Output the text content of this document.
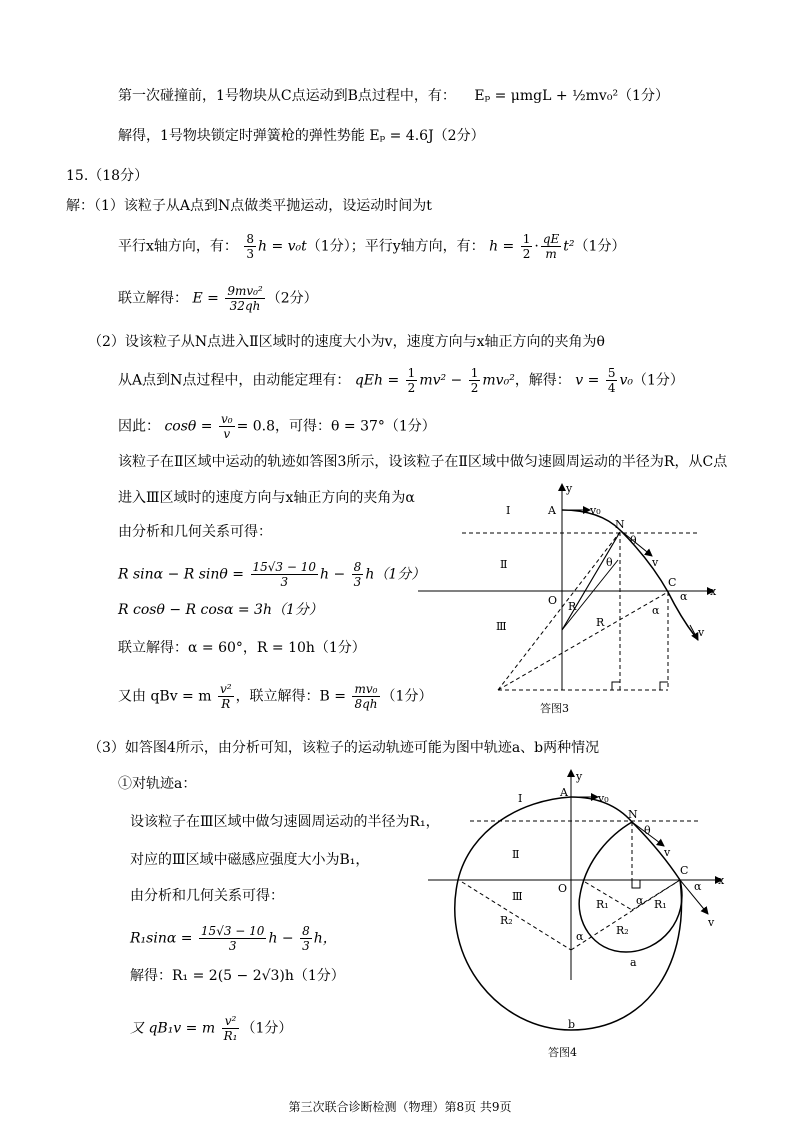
第一次碰撞前，1号物块从C点运动到B点过程中，有： Eₚ = μmgL + ½mv₀²（1分）
解得，1号物块锁定时弹簧枪的弹性势能 Eₚ = 4.6J（2分）
15.（18分）
解：（1）该粒子从A点到N点做类平抛运动，设运动时间为t
平行x轴方向，有： $\frac{8}{3}$ h = v₀t（1分）；平行y轴方向，有： $h = \frac{1}{2} \cdot \frac{qE}{m} t^2(1$分）
联立解得： $E = \frac{\text{9mv₀²}}{32qh} (2$分）
（2）设该粒子从N点进入Ⅱ区域时的速度大小为v，速度方向与x轴正方向的夹角为θ
从A点到N点过程中，由动能定理有： qEh = $\frac{1}{2} mv^2 - \frac{1}{2} mv_0^2$，解得： $v = \frac{5}{4} v_0(1$分）
因此： $\cos\theta = \frac{\text{v₀}}{v} = 0.8$，可得：θ = 37°（1分）
该粒子在Ⅱ区域中运动的轨迹如答图3所示，设该粒子在Ⅱ区域中做匀速圆周运动的半径为R，从C点
进入Ⅲ区域时的速度方向与x轴正方向的夹角为α
由分析和几何关系可得：
R sinα − R $\sin\theta = \frac{15√3 - 10}{3}$ $h - \frac{8}{3} h(1$分）
R cosθ − R cosα = 3h（1分）
联立解得：α = 60°，R = 10h（1分）
又由 qBv = m $\frac{\text{v²}}{R}$ ，联立解得：$B = \frac{\text{mv₀}}{8qh} (1$分）
（3）如答图4所示，由分析可知，该粒子的运动轨迹可能为图中轨迹a、b两种情况
①对轨迹a：
设该粒子在Ⅲ区域中做匀速圆周运动的半径为R₁，
对应的Ⅲ区域中磁感应强度大小为B₁，
由分析和几何关系可得：
$R_1\sin\alpha = \frac{15√3 - 10}{3}$ $h - \frac{8}{3}$ h，
解得：R₁ = 2(5 − 2√3)h（1分）
又 qB₁v = m $\frac{\text{v²}}{\text{R₁}} (1$分）
y
x
A	v₀
N
θ
θ	v
C
α
α
v
O R
R
Ⅰ
Ⅱ
Ⅲ
答图3
y
x
A	v₀
N
θ
v
C
α
v
O
Ⅰ
Ⅱ
Ⅲ
R₁	R₁
R₂
R₂
α
α
a
b
答图4
第三次联合诊断检测（物理）第8页 共9页
